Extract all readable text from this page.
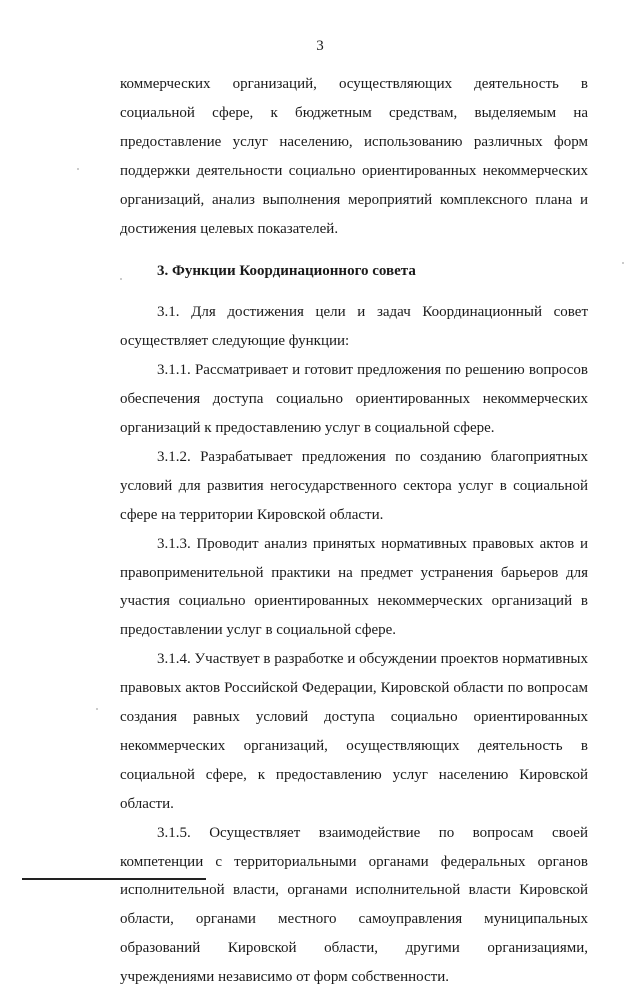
3

коммерческих организаций, осуществляющих деятельность в социальной сфере, к бюджетным средствам, выделяемым на предоставление услуг населению, использованию различных форм поддержки деятельности социально ориентированных некоммерческих организаций, анализ выполнения мероприятий комплексного плана и достижения целевых показателей.

3. Функции Координационного совета

3.1. Для достижения цели и задач Координационный совет осуществляет следующие функции:

3.1.1. Рассматривает и готовит предложения по решению вопросов обеспечения доступа социально ориентированных некоммерческих организаций к предоставлению услуг в социальной сфере.

3.1.2. Разрабатывает предложения по созданию благоприятных условий для развития негосударственного сектора услуг в социальной сфере на территории Кировской области.

3.1.3. Проводит анализ принятых нормативных правовых актов и правоприменительной практики на предмет устранения барьеров для участия социально ориентированных некоммерческих организаций в предоставлении услуг в социальной сфере.

3.1.4. Участвует в разработке и обсуждении проектов нормативных правовых актов Российской Федерации, Кировской области по вопросам создания равных условий доступа социально ориентированных некоммерческих организаций, осуществляющих деятельность в социальной сфере, к предоставлению услуг населению Кировской области.

3.1.5. Осуществляет взаимодействие по вопросам своей компетенции с территориальными органами федеральных органов исполнительной власти, органами исполнительной власти Кировской области, органами местного самоуправления муниципальных образований Кировской области, другими организациями, учреждениями независимо от форм собственности.
